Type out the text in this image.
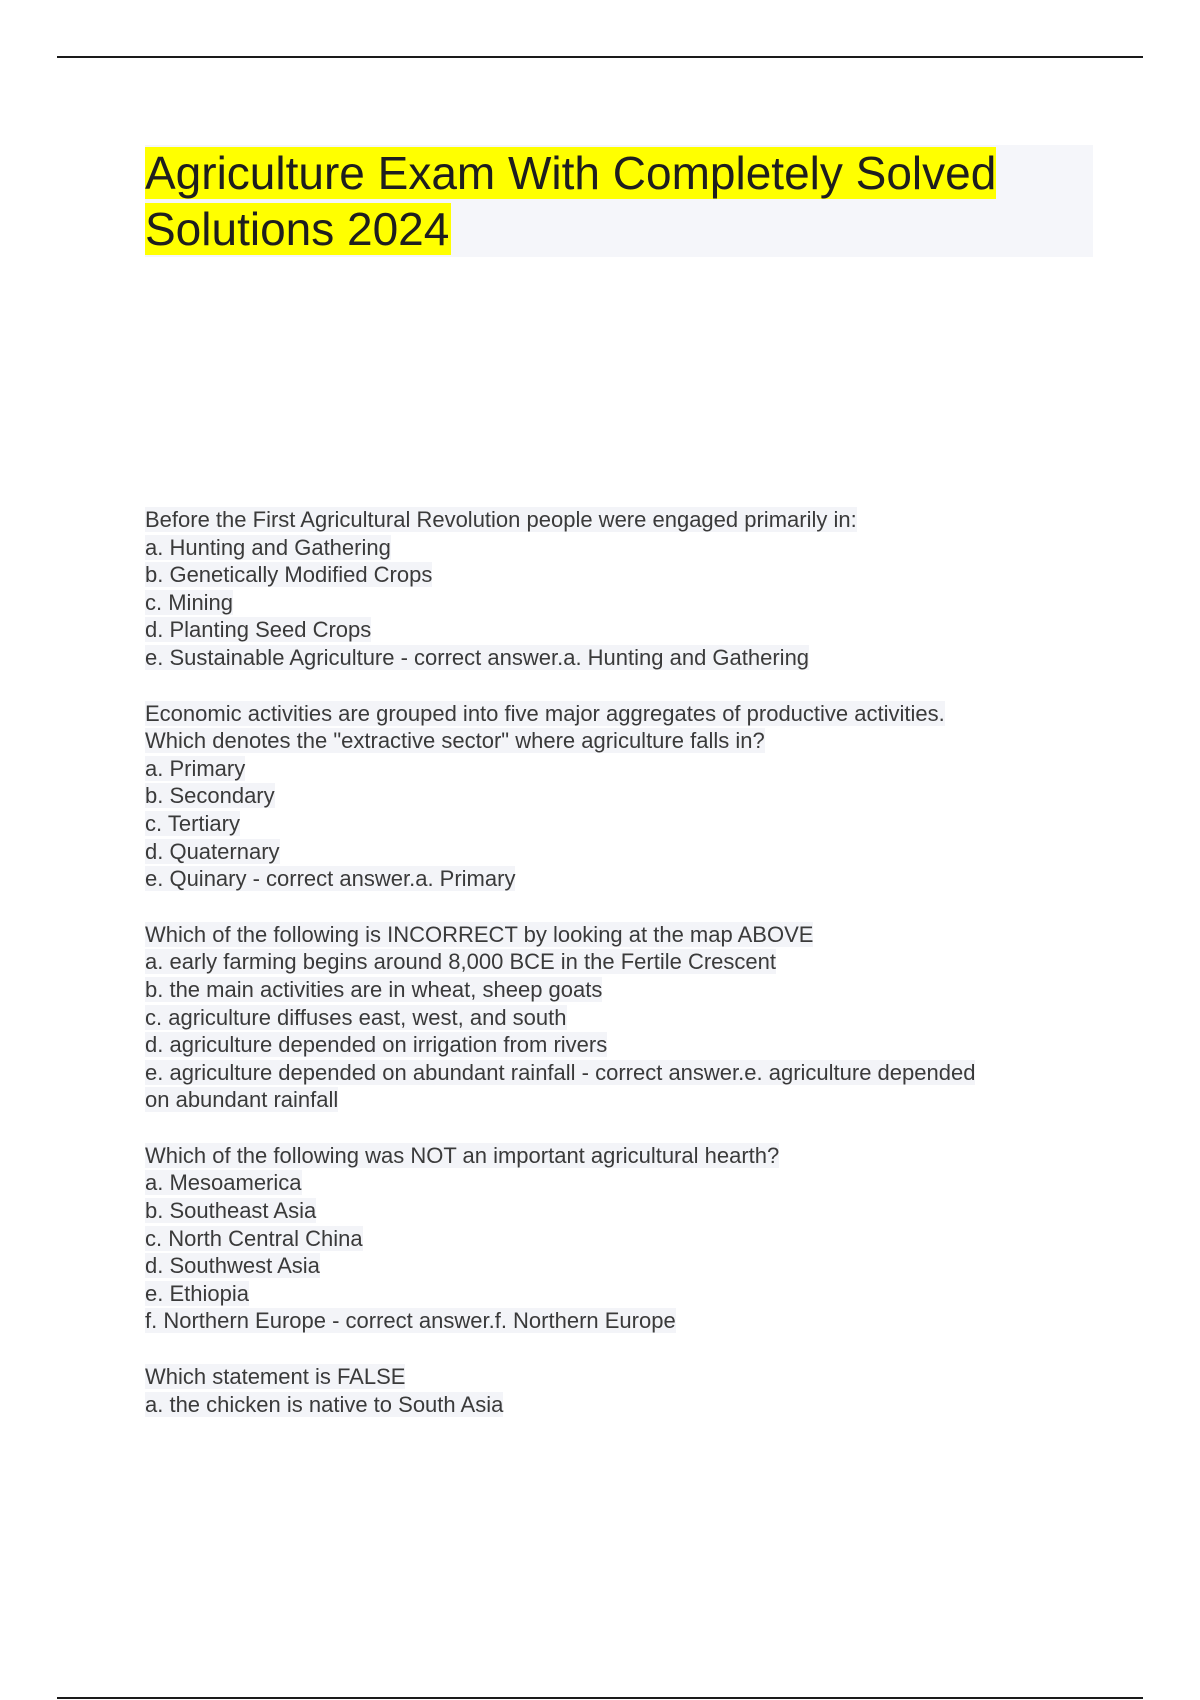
Agriculture Exam With Completely Solved Solutions 2024
Before the First Agricultural Revolution people were engaged primarily in:
a. Hunting and Gathering
b. Genetically Modified Crops
c. Mining
d. Planting Seed Crops
e. Sustainable Agriculture - correct answer.a. Hunting and Gathering
Economic activities are grouped into five major aggregates of productive activities.
Which denotes the "extractive sector" where agriculture falls in?
a. Primary
b. Secondary
c. Tertiary
d. Quaternary
e. Quinary - correct answer.a. Primary
Which of the following is INCORRECT by looking at the map ABOVE
a. early farming begins around 8,000 BCE in the Fertile Crescent
b. the main activities are in wheat, sheep goats
c. agriculture diffuses east, west, and south
d. agriculture depended on irrigation from rivers
e. agriculture depended on abundant rainfall - correct answer.e. agriculture depended
on abundant rainfall
Which of the following was NOT an important agricultural hearth?
a. Mesoamerica
b. Southeast Asia
c. North Central China
d. Southwest Asia
e. Ethiopia
f. Northern Europe - correct answer.f. Northern Europe
Which statement is FALSE
a. the chicken is native to South Asia
